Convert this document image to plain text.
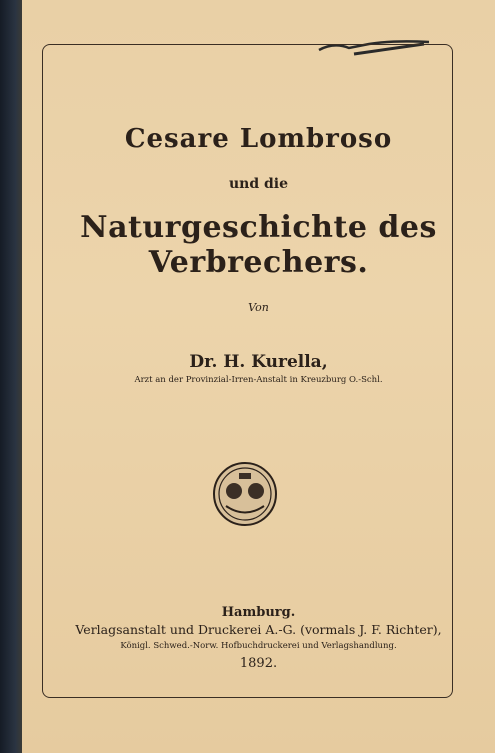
Cesare Lombroso
und die
Naturgeschichte des Verbrechers.
Von
Dr. H. Kurella,
Arzt an der Provinzial-Irren-Anstalt in Kreuzburg O.-Schl.
Hamburg.
Verlagsanstalt und Druckerei A.-G. (vormals J. F. Richter),
Königl. Schwed.-Norw. Hofbuchdruckerei und Verlagshandlung.
1892.
